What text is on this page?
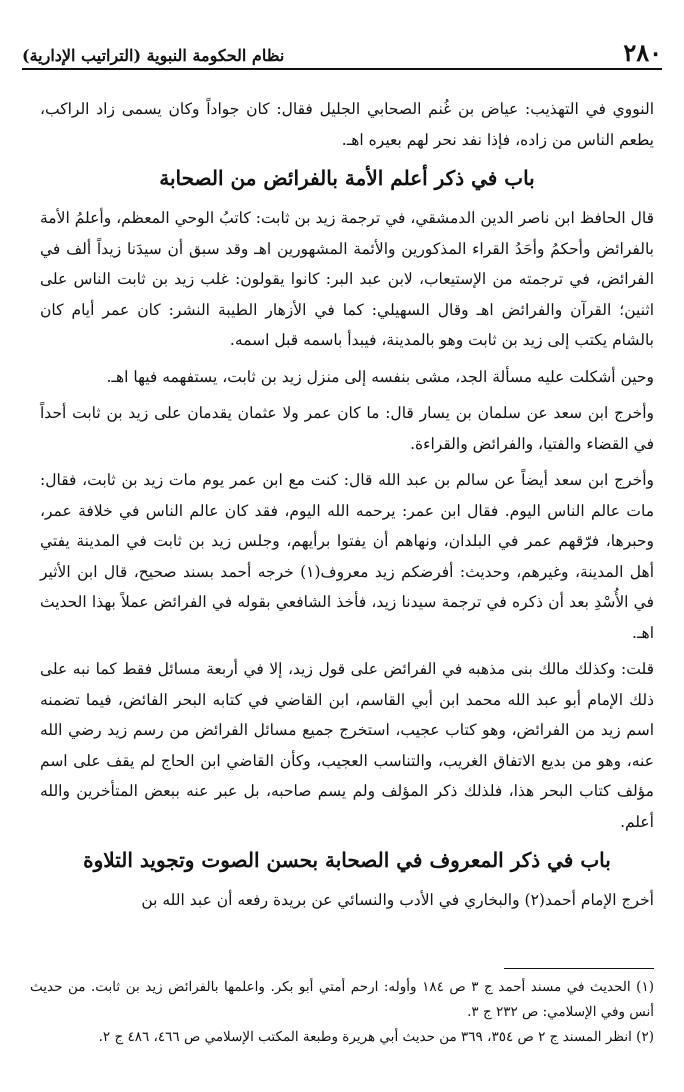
٢٨٠
نظام الحكومة النبوية (التراتيب الإدارية)

النووي في التهذيب: عياض بن غُنم الصحابي الجليل فقال: كان جواداً وكان يسمى زاد الراكب، يطعم الناس من زاده، فإذا نفد نحر لهم بعيره اهـ.

باب في ذكر أعلم الأمة بالفرائض من الصحابة

قال الحافظ ابن ناصر الدين الدمشقي، في ترجمة زيد بن ثابت: كاتبُ الوحي المعظم، وأعلمُ الأمة بالفرائض وأحكمُ وأحَدُ القراء المذكورين والأئمة المشهورين اهـ وقد سبق أن سيدَنا زيداً ألف في الفرائض، في ترجمته من الإستيعاب، لابن عبد البر: كانوا يقولون: غلب زيد بن ثابت الناس على اثنين؛ القرآن والفرائض اهـ وقال السهيلي: كما في الأزهار الطيبة النشر: كان عمر أيام كان بالشام يكتب إلى زيد بن ثابت وهو بالمدينة، فيبدأ باسمه قبل اسمه.

وحين أشكلت عليه مسألة الجد، مشى بنفسه إلى منزل زيد بن ثابت، يستفهمه فيها اهـ.

وأخرج ابن سعد عن سلمان بن يسار قال: ما كان عمر ولا عثمان يقدمان على زيد بن ثابت أحداً في القضاء والفتيا، والفرائض والقراءة.

وأخرج ابن سعد أيضاً عن سالم بن عبد الله قال: كنت مع ابن عمر يوم مات زيد بن ثابت، فقال: مات عالم الناس اليوم. فقال ابن عمر: يرحمه الله اليوم، فقد كان عالم الناس في خلافة عمر، وحبرها، فرّقهم عمر في البلدان، ونهاهم أن يفتوا برأيهم، وجلس زيد بن ثابت في المدينة يفتي أهل المدينة، وغيرهم، وحديث: أفرضكم زيد معروف(١) خرجه أحمد بسند صحيح، قال ابن الأثير في الأُسْدِ بعد أن ذكره في ترجمة سيدنا زيد، فأخذ الشافعي بقوله في الفرائض عملاً بهذا الحديث اهـ.

قلت: وكذلك مالك بنى مذهبه في الفرائض على قول زيد، إلا في أربعة مسائل فقط كما نبه على ذلك الإمام أبو عبد الله محمد ابن أبي القاسم، ابن القاضي في كتابه البحر الفائض، فيما تضمنه اسم زيد من الفرائض، وهو كتاب عجيب، استخرج جميع مسائل الفرائض من رسم زيد رضي الله عنه، وهو من بديع الاتفاق الغريب، والتناسب العجيب، وكأن القاضي ابن الحاج لم يقف على اسم مؤلف كتاب البحر هذا، فلذلك ذكر المؤلف ولم يسم صاحبه، بل عبر عنه ببعض المتأخرين والله أعلم.

باب في ذكر المعروف في الصحابة بحسن الصوت وتجويد التلاوة

أخرج الإمام أحمد(٢) والبخاري في الأدب والنسائي عن بريدة رفعه أن عبد الله بن

(١) الحديث في مسند أحمد ج ٣ ص ١٨٤ وأوله: ارحم أمتي أبو بكر. واعلمها بالفرائض زيد بن ثابت. من حديث أنس وفي الإسلامي: ص ٢٣٢ ج ٣.

(٢) انظر المسند ج ٢ ص ٣٥٤، ٣٦٩ من حديث أبي هريرة وطبعة المكتب الإسلامي ص ٤٦٦، ٤٨٦ ج ٢.
